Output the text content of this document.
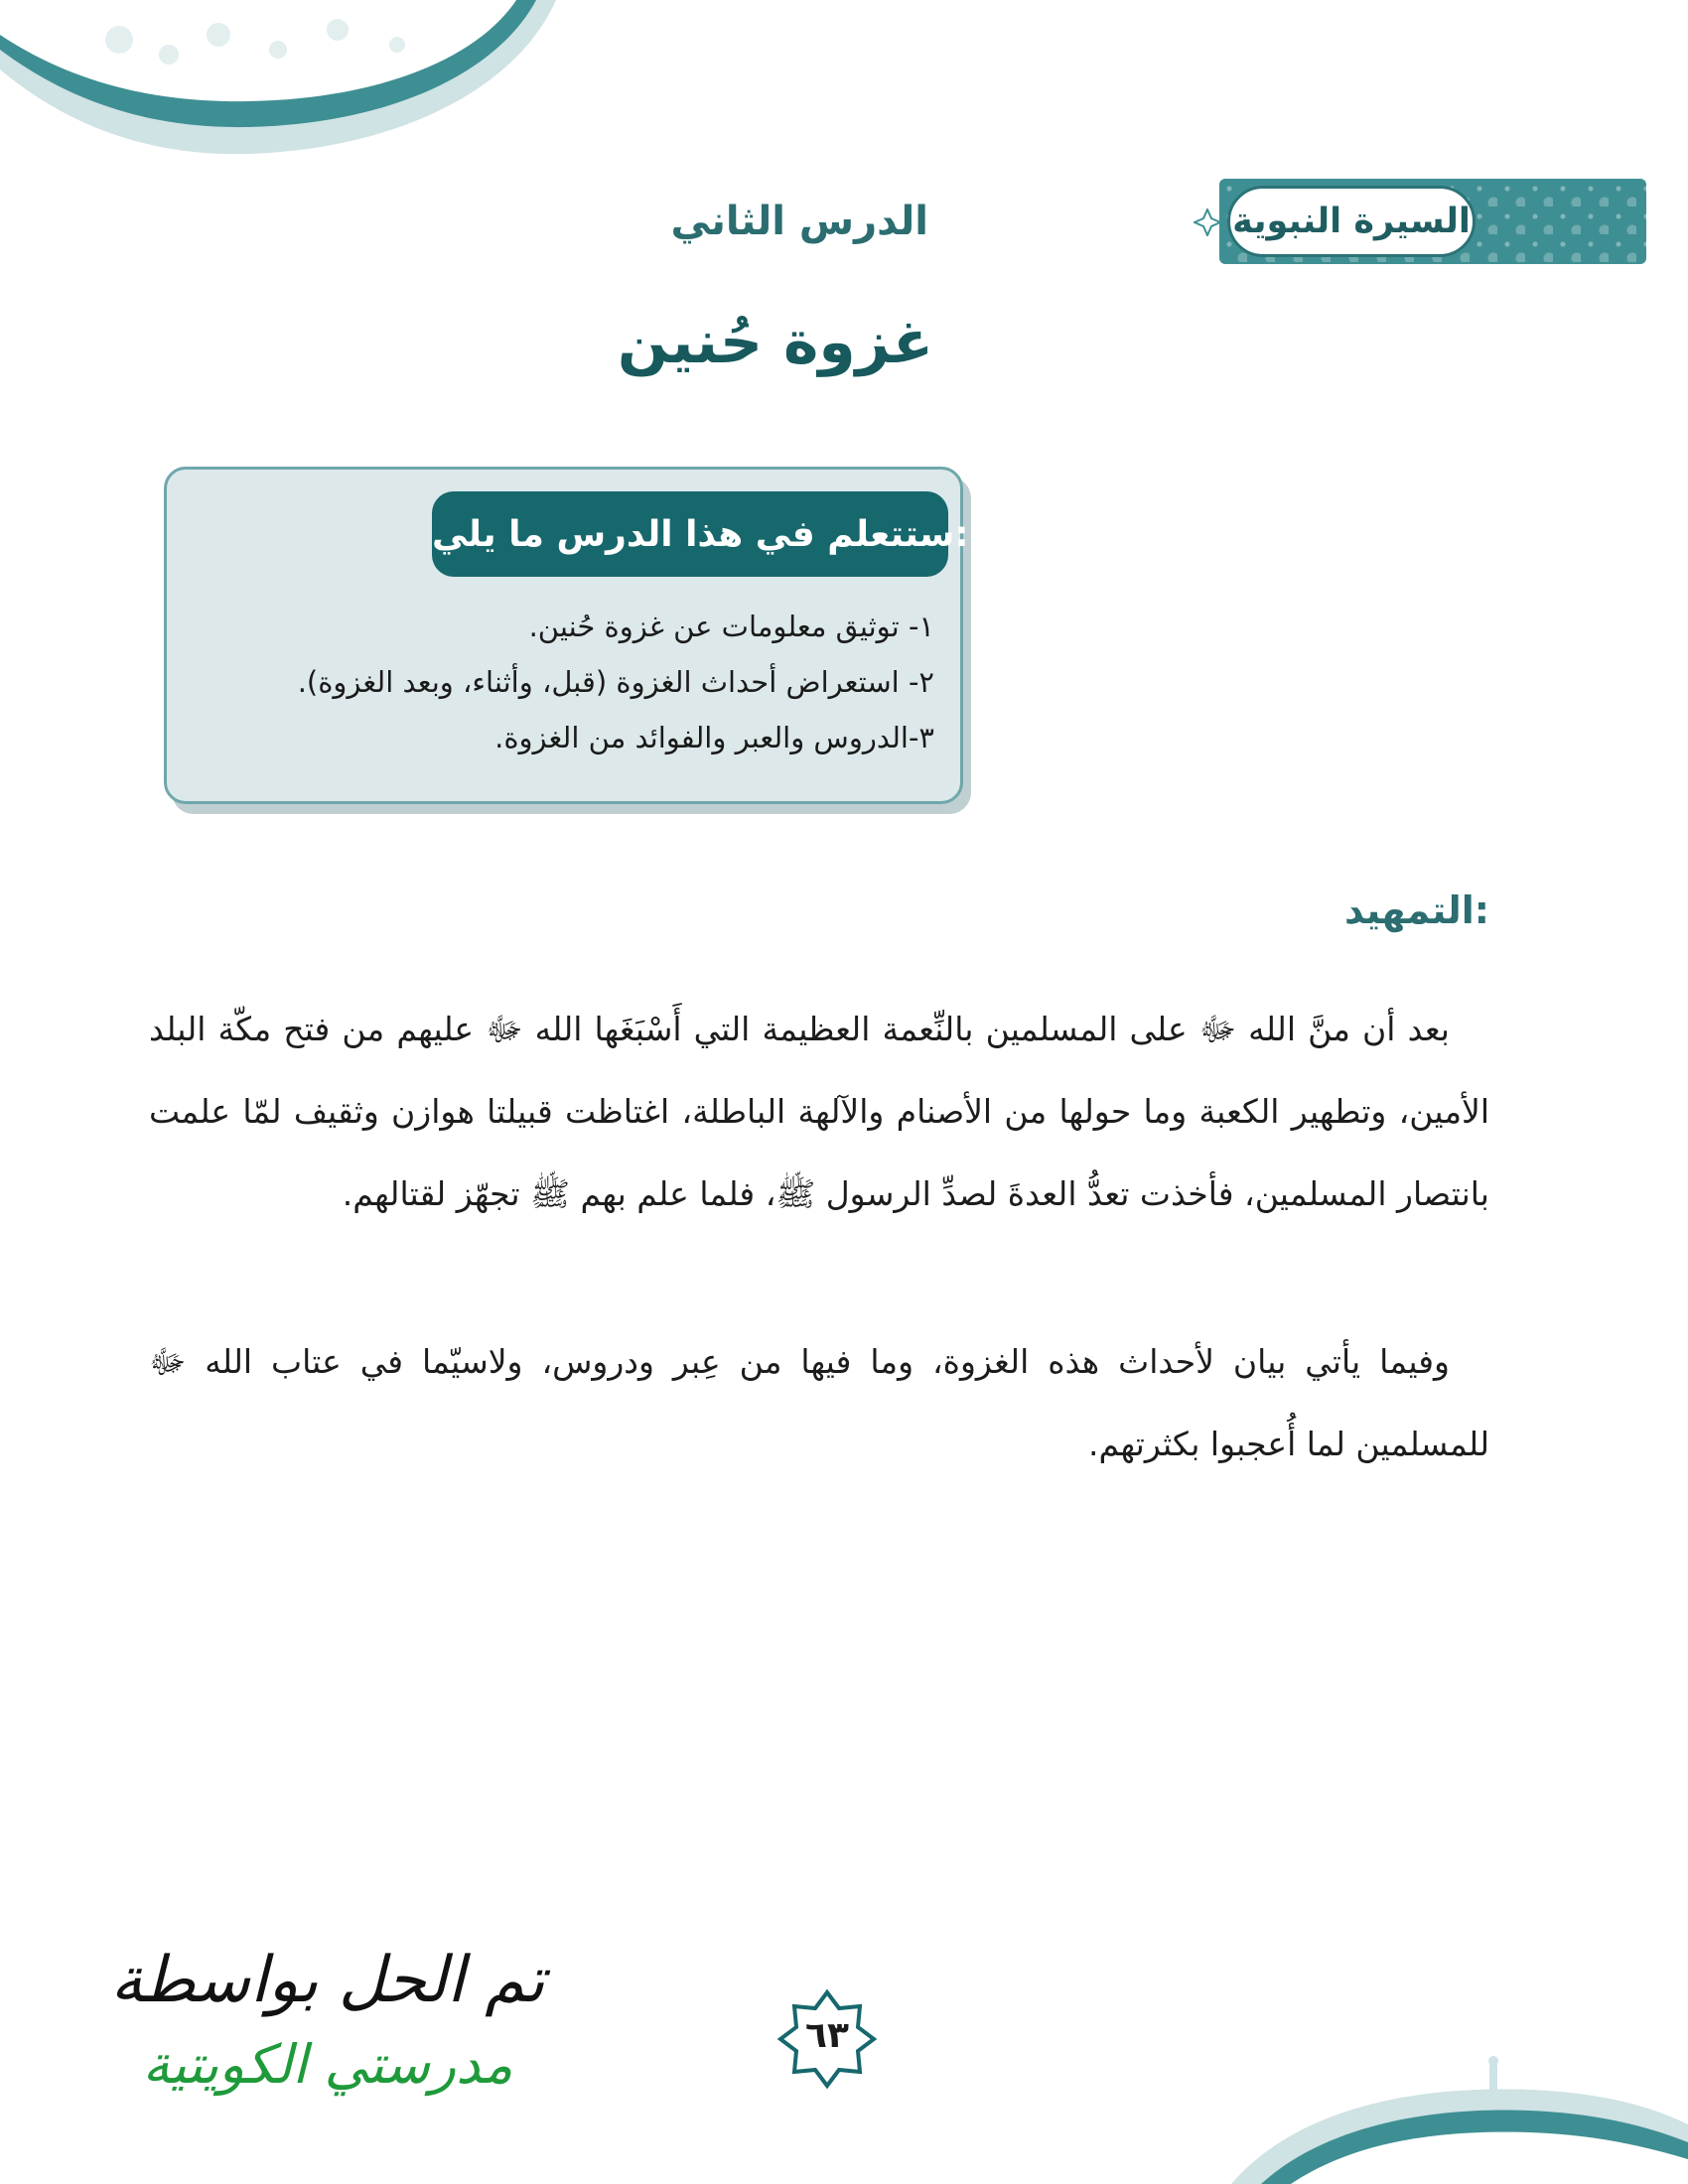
السيرة النبوية
الدرس الثاني
غزوة حُنين
ستتعلم في هذا الدرس ما يلي:
١- توثيق معلومات عن غزوة حُنين.
٢- استعراض أحداث الغزوة (قبل، وأثناء، وبعد الغزوة).
٣-الدروس والعبر والفوائد من الغزوة.
التمهيد:

بعد أن منَّ الله ﷻ على المسلمين بالنِّعمة العظيمة التي أَسْبَغَها الله ﷻ عليهم من فتح مكّة البلد الأمين، وتطهير الكعبة وما حولها من الأصنام والآلهة الباطلة، اغتاظت قبيلتا هوازن وثقيف لمّا علمت بانتصار المسلمين، فأخذت تعدُّ العدةَ لصدِّ الرسول ﷺ، فلما علم بهم ﷺ تجهّز لقتالهم.

وفيما يأتي بيان لأحداث هذه الغزوة، وما فيها من عِبر ودروس، ولاسيّما في عتاب الله ﷻ للمسلمين لما أُعجبوا بكثرتهم.

٦٣
تم الحل بواسطة
مدرستي الكويتية
